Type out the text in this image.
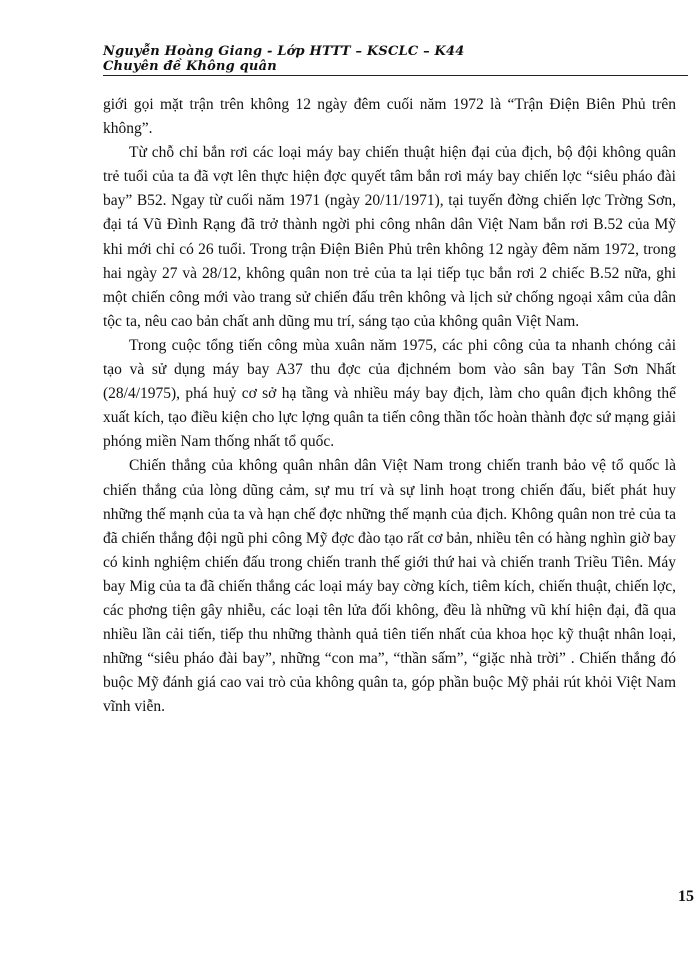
Nguyễn Hoàng Giang - Lớp HTTT – KSCLC – K44
Chuyên đề Không quân

giới gọi mặt trận trên không 12 ngày đêm cuối năm 1972 là “Trận Điện Biên Phủ trên không”.

Từ chỗ chỉ bắn rơi các loại máy bay chiến thuật hiện đại của địch, bộ đội không quân trẻ tuổi của ta đã vợt lên thực hiện đợc quyết tâm bắn rơi máy bay chiến lợc “siêu pháo đài bay” B52. Ngay từ cuối năm 1971 (ngày 20/11/1971), tại tuyến đờng chiến lợc Trờng Sơn, đại tá Vũ Đình Rạng đã trở thành ngời phi công nhân dân Việt Nam bắn rơi B.52 của Mỹ khi mới chỉ có 26 tuổi. Trong trận Điện Biên Phủ trên không 12 ngày đêm năm 1972, trong hai ngày 27 và 28/12, không quân non trẻ của ta lại tiếp tục bắn rơi 2 chiếc B.52 nữa, ghi một chiến công mới vào trang sử chiến đấu trên không và lịch sử chống ngoại xâm của dân tộc ta, nêu cao bản chất anh dũng mu trí, sáng tạo của không quân Việt Nam.

Trong cuộc tổng tiến công mùa xuân năm 1975, các phi công của ta nhanh chóng cải tạo và sử dụng máy bay A37 thu đợc của địchném bom vào sân bay Tân Sơn Nhất (28/4/1975), phá huỷ cơ sở hạ tầng và nhiều máy bay địch, làm cho quân địch không thể xuất kích, tạo điều kiện cho lực lợng quân ta tiến công thần tốc hoàn thành đợc sứ mạng giải phóng miền Nam thống nhất tổ quốc.

Chiến thắng của không quân nhân dân Việt Nam trong chiến tranh bảo vệ tổ quốc là chiến thắng của lòng dũng cảm, sự mu trí và sự linh hoạt trong chiến đấu, biết phát huy những thế mạnh của ta và hạn chế đợc những thế mạnh của địch. Không quân non trẻ của ta đã chiến thắng đội ngũ phi công Mỹ đợc đào tạo rất cơ bản, nhiều tên có hàng nghìn giờ bay có kinh nghiệm chiến đấu trong chiến tranh thế giới thứ hai và chiến tranh Triều Tiên. Máy bay Mig của ta đã chiến thắng các loại máy bay cờng kích, tiêm kích, chiến thuật, chiến lợc, các phơng tiện gây nhiễu, các loại tên lửa đối không, đều là những vũ khí hiện đại, đã qua nhiều lần cải tiến, tiếp thu những thành quả tiên tiến nhất của khoa học kỹ thuật nhân loại, những “siêu pháo đài bay”, những “con ma”, “thần sấm”, “giặc nhà trời” . Chiến thắng đó buộc Mỹ đánh giá cao vai trò của không quân ta, góp phần buộc Mỹ phải rút khỏi Việt Nam vĩnh viễn.

15
